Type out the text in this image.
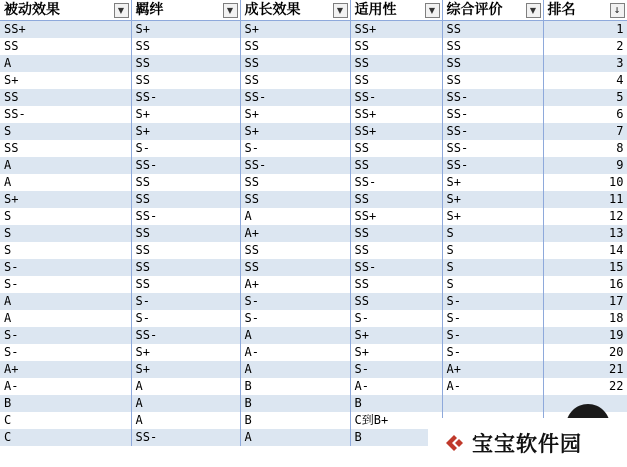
被动效果 ▼	羁绊 ▼	成长效果 ▼	适用性 ▼	综合评价 ▼	排名 ↓

SS+	S+	S+	SS+	SS	1
SS	SS	SS	SS	SS	2
A	SS	SS	SS	SS	3
S+	SS	SS	SS	SS	4
SS	SS-	SS-	SS-	SS-	5
SS-	S+	S+	SS+	SS-	6
S	S+	S+	SS+	SS-	7
SS	S-	S-	SS	SS-	8
A	SS-	SS-	SS	SS-	9
A	SS	SS	SS-	S+	10
S+	SS	SS	SS	S+	11
S	SS-	A	SS+	S+	12
S	SS	A+	SS	S	13
S	SS	SS	SS	S	14
S-	SS	SS	SS-	S	15
S-	SS	A+	SS	S	16
A	S-	S-	SS	S-	17
A	S-	S-	S-	S-	18
S-	SS-	A	S+	S-	19
S-	S+	A-	S+	S-	20
A+	S+	A	S-	A+	21
A-	A	B	A-	A-	22
B	A	B	B		
C	A	B	C到B+		
C	SS-	A	B			宝宝软件园
